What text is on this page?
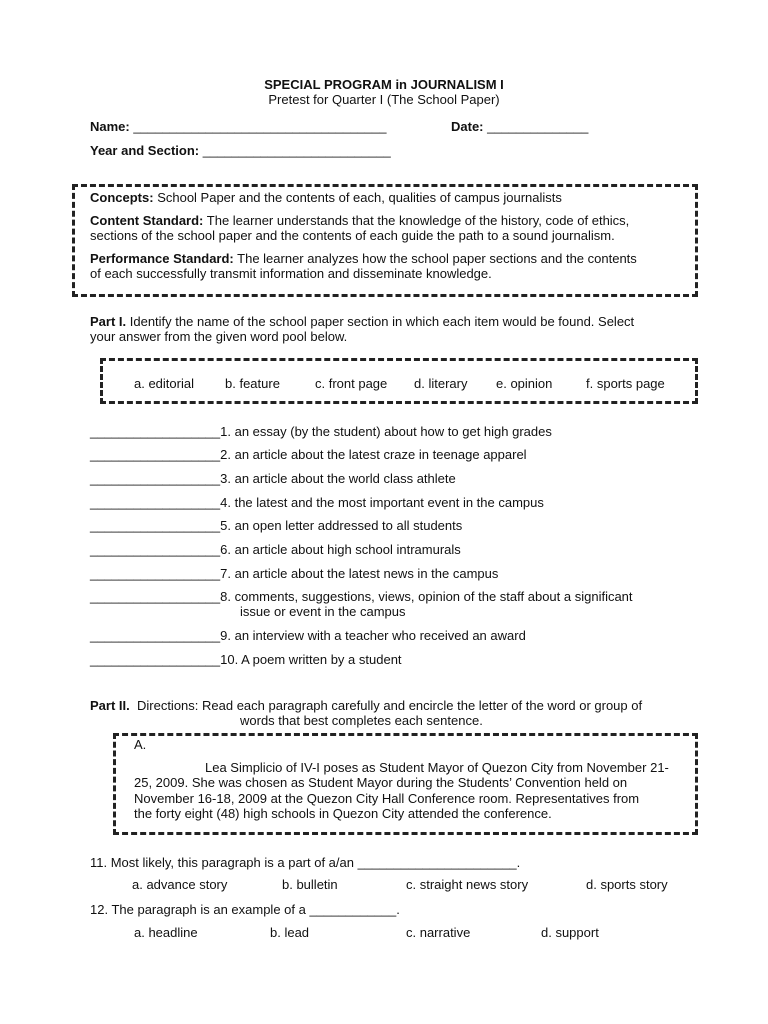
SPECIAL PROGRAM in JOURNALISM I
Pretest for Quarter I (The School Paper)
Name: ___________________________________	Date: ______________
Year and Section: __________________________
Concepts: School Paper and the contents of each, qualities of campus journalists
Content Standard: The learner understands that the knowledge of the history, code of ethics,
sections of the school paper and the contents of each guide the path to a sound journalism.
Performance Standard: The learner analyzes how the school paper sections and the contents
of each successfully transmit information and disseminate knowledge.
Part I. Identify the name of the school paper section in which each item would be found. Select
your answer from the given word pool below.
a. editorial b. feature	c. front page d. literary e. opinion	f. sports page
__________________1. an essay (by the student) about how to get high grades
__________________2. an article about the latest craze in teenage apparel
__________________3. an article about the world class athlete
__________________4. the latest and the most important event in the campus
__________________5. an open letter addressed to all students
__________________6. an article about high school intramurals
__________________7. an article about the latest news in the campus
__________________8. comments, suggestions, views, opinion of the staff about a significant
issue or event in the campus
__________________9. an interview with a teacher who received an award
__________________10. A poem written by a student
Part II. Directions: Read each paragraph carefully and encircle the letter of the word or group of
words that best completes each sentence.
A.
Lea Simplicio of IV-I poses as Student Mayor of Quezon City from November 21-
25, 2009. She was chosen as Student Mayor during the Students’ Convention held on
November 16-18, 2009 at the Quezon City Hall Conference room. Representatives from
the forty eight (48) high schools in Quezon City attended the conference.
11. Most likely, this paragraph is a part of a/an ______________________.
a. advance story	b. bulletin	c. straight news story	d. sports story
12. The paragraph is an example of a ____________.
a. headline	b. lead	c. narrative	d. support
